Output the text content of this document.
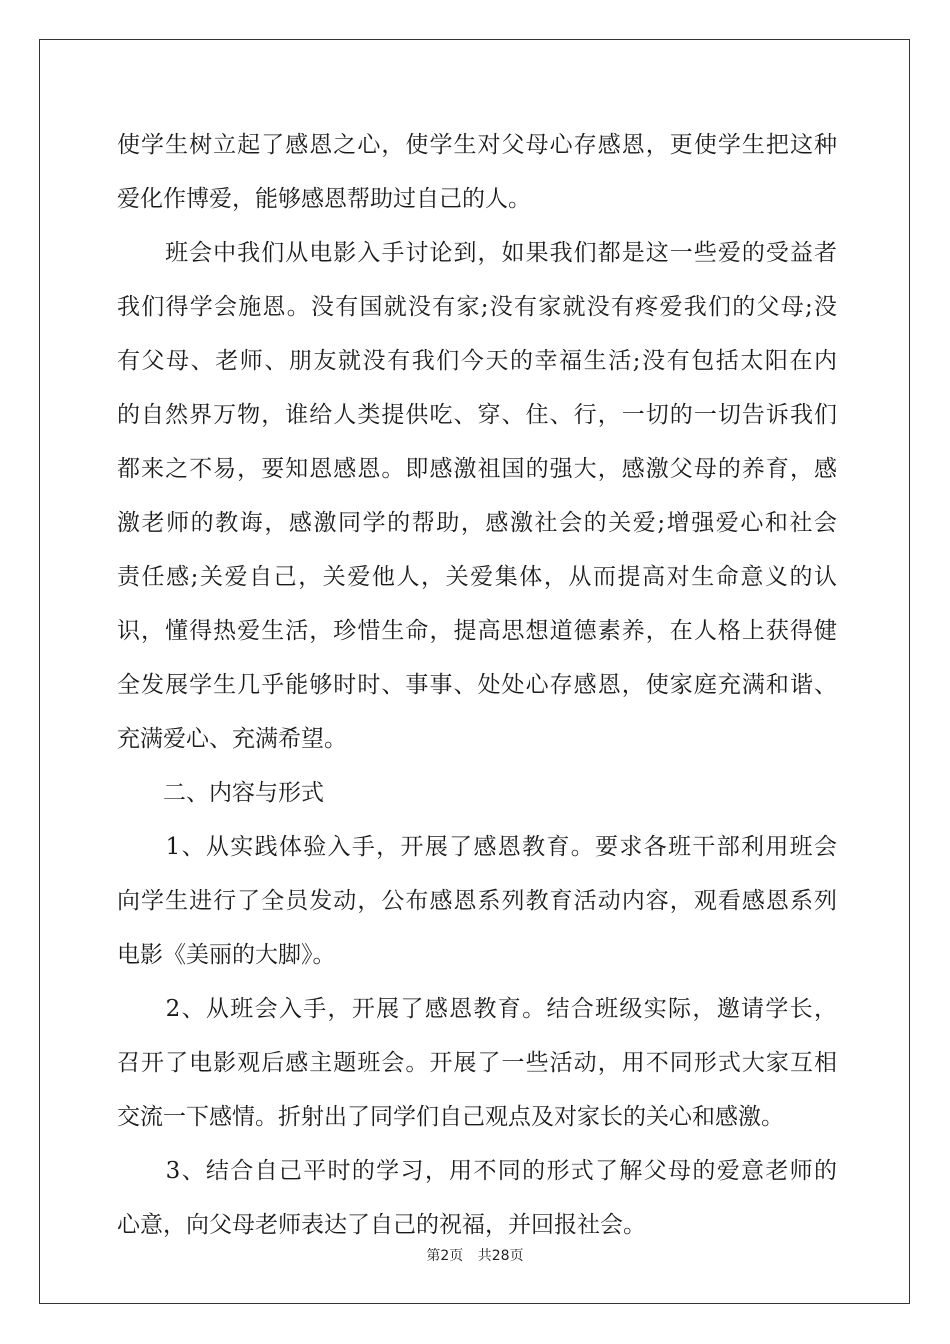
使学生树立起了感恩之心，使学生对父母心存感恩，更使学生把这种
爱化作博爱，能够感恩帮助过自己的人。
　　班会中我们从电影入手讨论到，如果我们都是这一些爱的受益者
我们得学会施恩。没有国就没有家;没有家就没有疼爱我们的父母;没
有父母、老师、朋友就没有我们今天的幸福生活;没有包括太阳在内
的自然界万物，谁给人类提供吃、穿、住、行，一切的一切告诉我们
都来之不易，要知恩感恩。即感激祖国的强大，感激父母的养育，感
激老师的教诲，感激同学的帮助，感激社会的关爱;增强爱心和社会
责任感;关爱自己，关爱他人，关爱集体，从而提高对生命意义的认
识，懂得热爱生活，珍惜生命，提高思想道德素养，在人格上获得健
全发展学生几乎能够时时、事事、处处心存感恩，使家庭充满和谐、
充满爱心、充满希望。
　　二、内容与形式
　　1、从实践体验入手，开展了感恩教育。要求各班干部利用班会
向学生进行了全员发动，公布感恩系列教育活动内容，观看感恩系列
电影《美丽的大脚》。
　　2、从班会入手，开展了感恩教育。结合班级实际，邀请学长，
召开了电影观后感主题班会。开展了一些活动，用不同形式大家互相
交流一下感情。折射出了同学们自己观点及对家长的关心和感激。
　　3、结合自己平时的学习，用不同的形式了解父母的爱意老师的
心意，向父母老师表达了自己的祝福，并回报社会。
第2页 共28页
